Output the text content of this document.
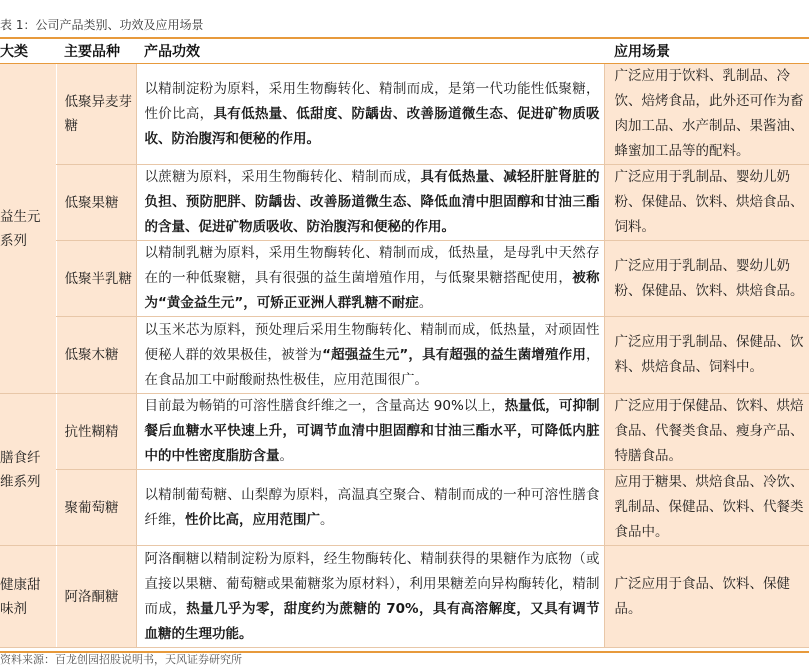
表 1：公司产品类别、功效及应用场景
大类	主要品种	产品功效	应用场景

益生元系列	低聚异麦芽糖	以精制淀粉为原料，采用生物酶转化、精制而成，是第一代功能性低聚糖，性价比高，具有低热量、低甜度、防龋齿、改善肠道微生态、促进矿物质吸收、防治腹泻和便秘的作用。	广泛应用于饮料、乳制品、冷饮、焙烤食品，此外还可作为畜肉加工品、水产制品、果酱油、蜂蜜加工品等的配料。
	低聚果糖	以蔗糖为原料，采用生物酶转化、精制而成，具有低热量、减轻肝脏肾脏的负担、预防肥胖、防龋齿、改善肠道微生态、降低血清中胆固醇和甘油三酯的含量、促进矿物质吸收、防治腹泻和便秘的作用。	广泛应用于乳制品、婴幼儿奶粉、保健品、饮料、烘焙食品、饲料。
	低聚半乳糖	以精制乳糖为原料，采用生物酶转化、精制而成，低热量，是母乳中天然存在的一种低聚糖，具有很强的益生菌增殖作用，与低聚果糖搭配使用，被称为“黄金益生元”，可矫正亚洲人群乳糖不耐症。	广泛应用于乳制品、婴幼儿奶粉、保健品、饮料、烘焙食品。
	低聚木糖	以玉米芯为原料，预处理后采用生物酶转化、精制而成，低热量，对顽固性便秘人群的效果极佳，被誉为“超强益生元”，具有超强的益生菌增殖作用，在食品加工中耐酸耐热性极佳，应用范围很广。	广泛应用于乳制品、保健品、饮料、烘焙食品、饲料中。

膳食纤维系列	抗性糊精	目前最为畅销的可溶性膳食纤维之一，含量高达 90%以上，热量低，可抑制餐后血糖水平快速上升，可调节血清中胆固醇和甘油三酯水平，可降低内脏中的中性密度脂肪含量。	广泛应用于保健品、饮料、烘焙食品、代餐类食品、瘦身产品、特膳食品。
	聚葡萄糖	以精制葡萄糖、山梨醇为原料，高温真空聚合、精制而成的一种可溶性膳食纤维，性价比高，应用范围广。	应用于糖果、烘焙食品、冷饮、乳制品、保健品、饮料、代餐类食品中。

健康甜味剂	阿洛酮糖	阿洛酮糖以精制淀粉为原料，经生物酶转化、精制获得的果糖作为底物（或直接以果糖、葡萄糖或果葡糖浆为原材料），利用果糖差向异构酶转化，精制而成，热量几乎为零，甜度约为蔗糖的 70%，具有高溶解度，又具有调节血糖的生理功能。	广泛应用于食品、饮料、保健品。
资料来源：百龙创园招股说明书，天风证券研究所
